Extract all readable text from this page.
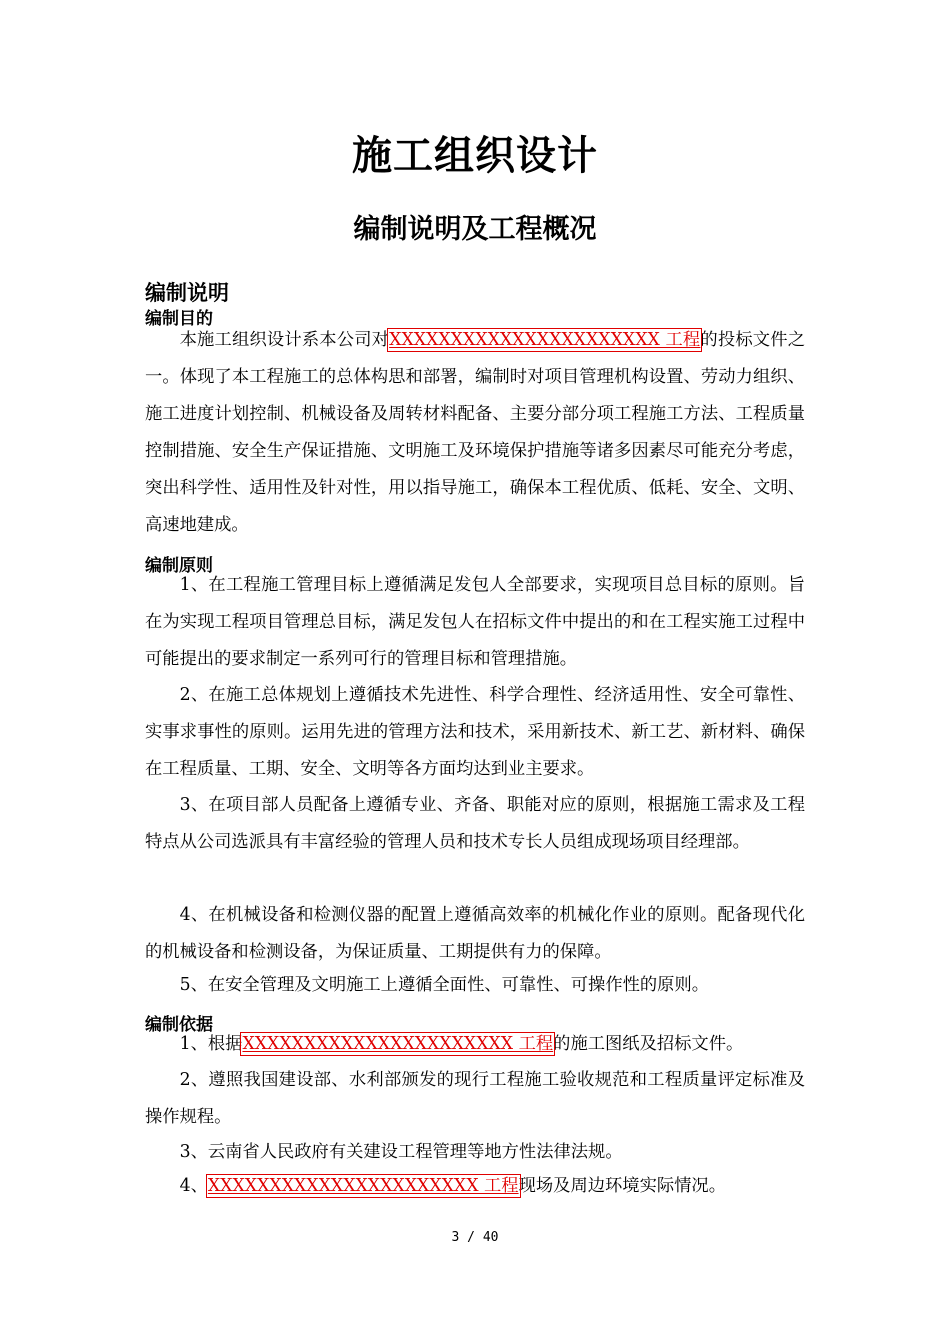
施工组织设计
编制说明及工程概况
编制说明
编制目的

本施工组织设计系本公司对XXXXXXXXXXXXXXXXXXXXXX 工程的投标文件之一。体现了本工程施工的总体构思和部署，编制时对项目管理机构设置、劳动力组织、施工进度计划控制、机械设备及周转材料配备、主要分部分项工程施工方法、工程质量控制措施、安全生产保证措施、文明施工及环境保护措施等诸多因素尽可能充分考虑，突出科学性、适用性及针对性，用以指导施工，确保本工程优质、低耗、安全、文明、高速地建成。

编制原则

1、在工程施工管理目标上遵循满足发包人全部要求，实现项目总目标的原则。旨在为实现工程项目管理总目标，满足发包人在招标文件中提出的和在工程实施工过程中可能提出的要求制定一系列可行的管理目标和管理措施。

2、在施工总体规划上遵循技术先进性、科学合理性、经济适用性、安全可靠性、实事求事性的原则。运用先进的管理方法和技术，采用新技术、新工艺、新材料、确保在工程质量、工期、安全、文明等各方面均达到业主要求。

3、在项目部人员配备上遵循专业、齐备、职能对应的原则，根据施工需求及工程特点从公司选派具有丰富经验的管理人员和技术专长人员组成现场项目经理部。

4、在机械设备和检测仪器的配置上遵循高效率的机械化作业的原则。配备现代化的机械设备和检测设备，为保证质量、工期提供有力的保障。

5、在安全管理及文明施工上遵循全面性、可靠性、可操作性的原则。

编制依据

1、根据XXXXXXXXXXXXXXXXXXXXXX 工程的施工图纸及招标文件。

2、遵照我国建设部、水利部颁发的现行工程施工验收规范和工程质量评定标准及操作规程。

3、云南省人民政府有关建设工程管理等地方性法律法规。

4、XXXXXXXXXXXXXXXXXXXXXX 工程现场及周边环境实际情况。

3 / 40
